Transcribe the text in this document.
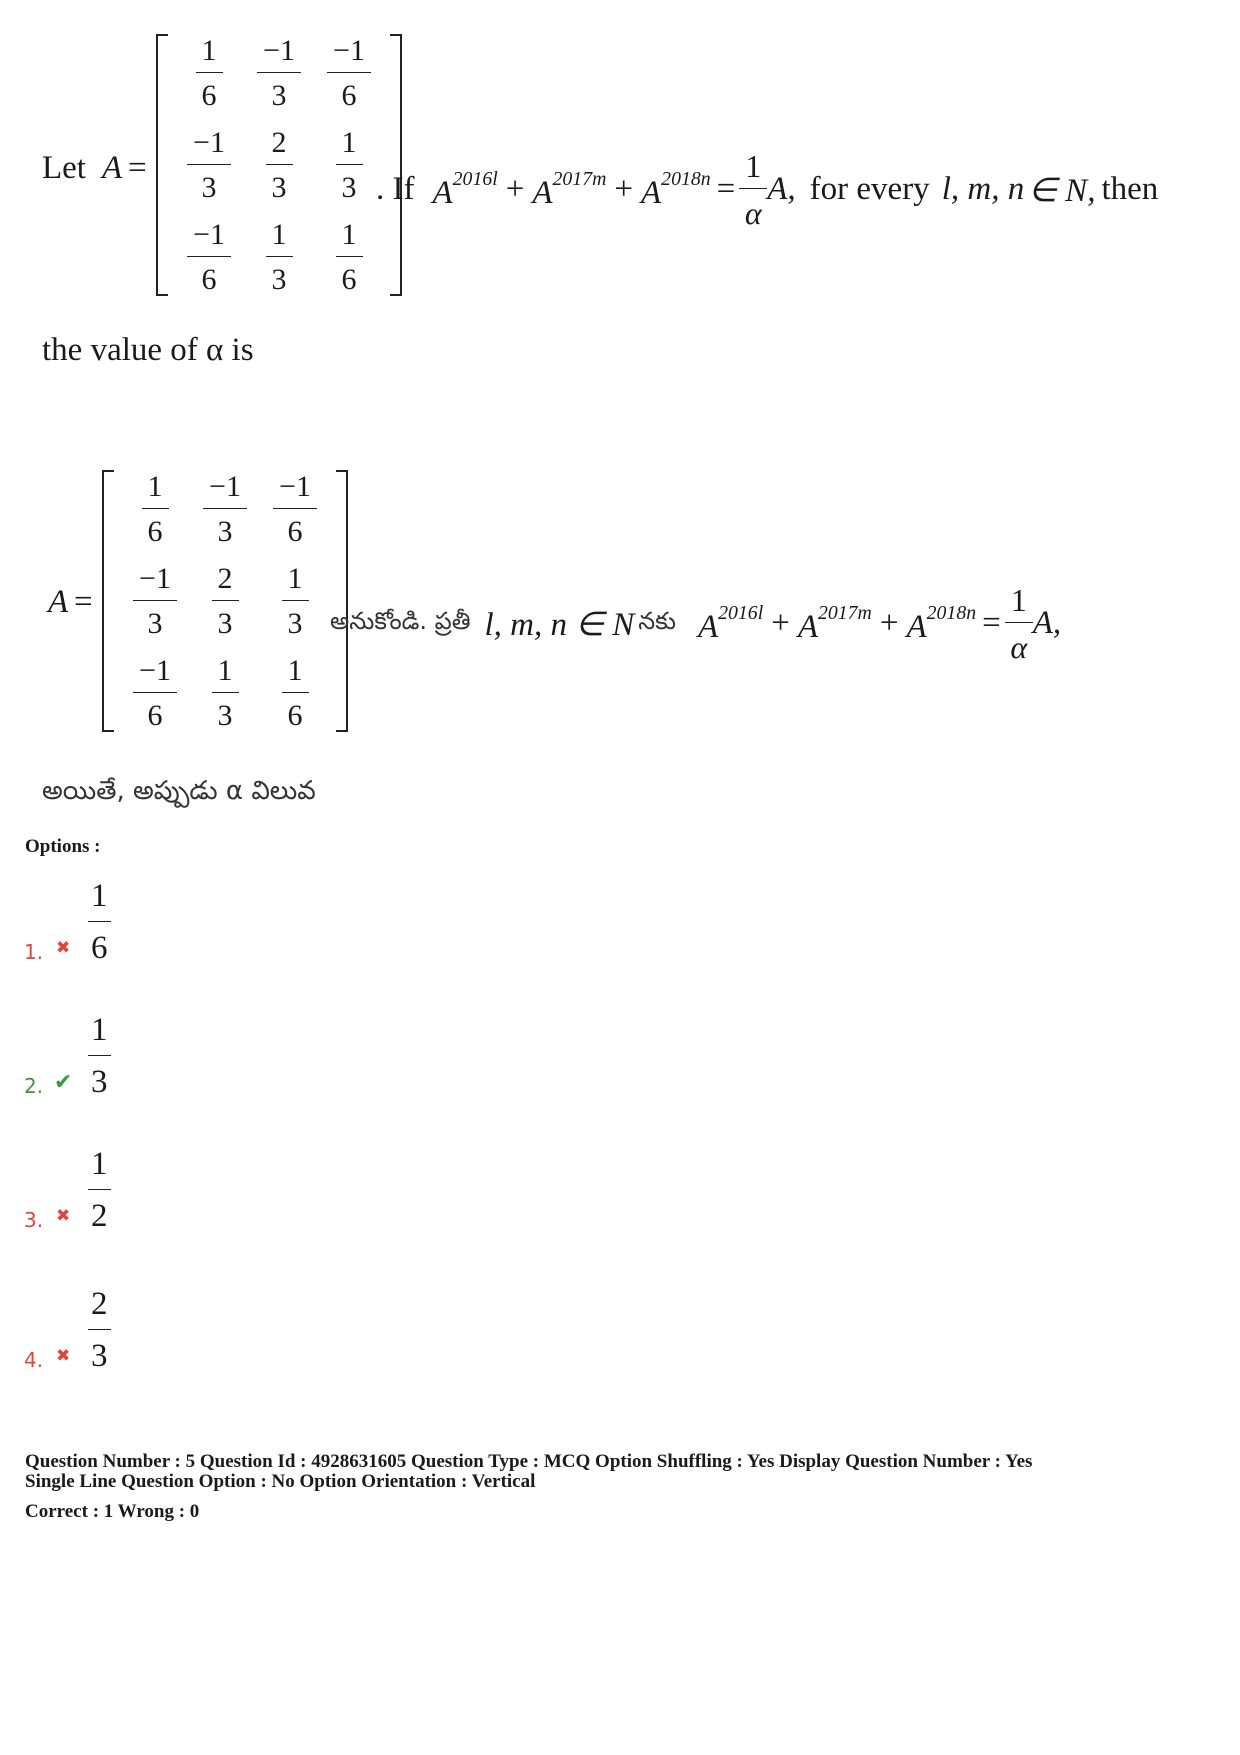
Let A =
$\frac{1}{6} \frac{-1}{3} \frac{-1}{6}$
$\frac{-1}{3} \frac{2}{3} \frac{1}{3}$
$\frac{-1}{6} \frac{1}{3} \frac{1}{6}$
. If $A^{2016l} + A^{2017m} + A^{2018n} = \frac{1}{\alpha} A$, for every l, m, n ∈ N, then
the value of α is
A =
$\frac{1}{6} \frac{-1}{3} \frac{-1}{6}$
$\frac{-1}{3} \frac{2}{3} \frac{1}{3}$
$\frac{-1}{6} \frac{1}{3} \frac{1}{6}$
అనుకోండి. ప్రతీ l, m, n ∈ N నకు $A^{2016l} + A^{2017m} + A^{2018n} = \frac{1}{\alpha} A$,
అయితే, అప్పుడు α విలువ
Options :
1. ✖ $\frac{1}{6}$
2. ✔ $\frac{1}{3}$
3. ✖ $\frac{1}{2}$
4. ✖ $\frac{2}{3}$
Question Number : 5 Question Id : 4928631605 Question Type : MCQ Option Shuffling : Yes Display Question Number : Yes
Single Line Question Option : No Option Orientation : Vertical
Correct : 1 Wrong : 0
